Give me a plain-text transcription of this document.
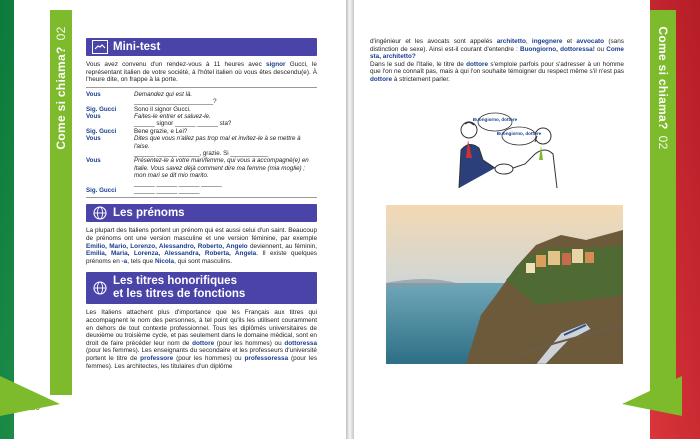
Come si chiama?02	Come si chiama?02
16	17
Mini-test

Vous avez convenu d'un rendez-vous à 11 heures avec signor Gucci, le représentant italien de votre société, à l'hôtel italien où vous êtes descendu(e). À l'heure dite, on frappe à la porte.

Vous	Demandez qui est là.
	_______________________?
Sig. Gucci	Sono il signor Gucci.
Vous	Faites-le entrer et saluez-le.
	______ signor ______ ______ sta?
Sig. Gucci	Bene grazie, e Lei?
Vous	Dites que vous n'allez pas trop mal et invitez-le à se mettre à l'aise.
	______ ______ ______, grazie. Si ___________
Vous	Présentez-le à votre mari/femme, qui vous a accompagné(e) en Italie. Vous savez déjà comment dire ma femme (mia moglie) ; mon mari se dit mio marito.
	______ ______ ______ ______
Sig. Gucci	______ ______ ______
Les prénoms

La plupart des Italiens portent un prénom qui est aussi celui d'un saint. Beaucoup de prénoms ont une version masculine et une version féminine, par exemple Emilio, Mario, Lorenzo, Alessandro, Roberto, Angelo deviennent, au féminin, Emilia, Maria, Lorenza, Alessandra, Roberta, Angela. Il existe quelques prénoms en -a, tels que Nicola, qui sont masculins.

Les titres honorifiques
et les titres de fonctions

Les Italiens attachent plus d'importance que les Français aux titres qui accompagnent le nom des personnes, à tel point qu'ils les utilisent couramment en dehors de tout contexte professionnel. Tous les diplômés universitaires de deuxième ou troisième cycle, et pas seulement dans le domaine médical, sont en droit de faire précéder leur nom de dottore (pour les hommes) ou dottoressa (pour les femmes). Les enseignants du secondaire et les professeurs d'université portent le titre de professore (pour les hommes) ou professoressa (pour les femmes). Les architectes, les titulaires d'un diplôme

d'ingénieur et les avocats sont appelés architetto, ingegnere et avvocato (sans distinction de sexe). Ainsi est-il courant d'entendre : Buongiorno, dottoressa! ou Come sta, architetto?

Dans le sud de l'Italie, le titre de dottore s'emploie parfois pour s'adresser à un homme que l'on ne connaît pas, mais à qui l'on souhaite témoigner du respect même s'il n'est pas dottore à strictement parler.

Buongiorno, dottore
Buongiorno, dottore
